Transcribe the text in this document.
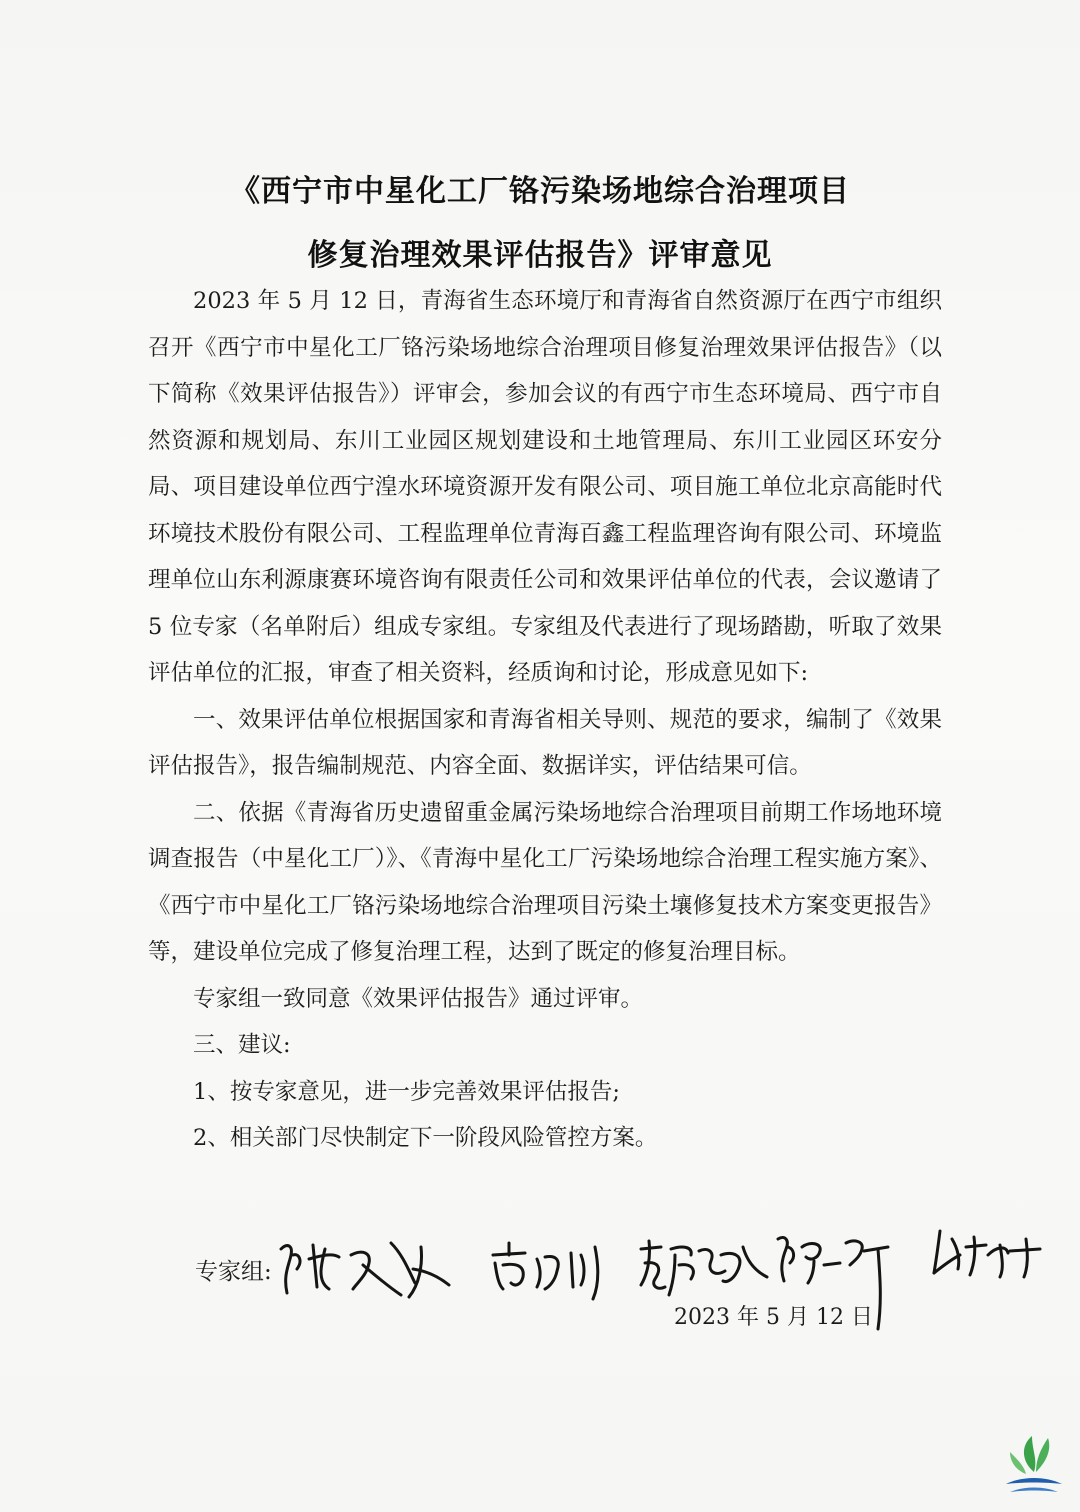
《西宁市中星化工厂铬污染场地综合治理项目
修复治理效果评估报告》评审意见

2023 年 5 月 12 日，青海省生态环境厅和青海省自然资源厅在西宁市组织召开《西宁市中星化工厂铬污染场地综合治理项目修复治理效果评估报告》（以下简称《效果评估报告》）评审会，参加会议的有西宁市生态环境局、西宁市自然资源和规划局、东川工业园区规划建设和土地管理局、东川工业园区环安分局、项目建设单位西宁湟水环境资源开发有限公司、项目施工单位北京高能时代环境技术股份有限公司、工程监理单位青海百鑫工程监理咨询有限公司、环境监理单位山东利源康赛环境咨询有限责任公司和效果评估单位的代表，会议邀请了 5 位专家（名单附后）组成专家组。专家组及代表进行了现场踏勘，听取了效果评估单位的汇报，审查了相关资料，经质询和讨论，形成意见如下:

一、效果评估单位根据国家和青海省相关导则、规范的要求，编制了《效果评估报告》，报告编制规范、内容全面、数据详实，评估结果可信。

二、依据《青海省历史遗留重金属污染场地综合治理项目前期工作场地环境调查报告（中星化工厂）》、《青海中星化工厂污染场地综合治理工程实施方案》、《西宁市中星化工厂铬污染场地综合治理项目污染土壤修复技术方案变更报告》等，建设单位完成了修复治理工程，达到了既定的修复治理目标。

专家组一致同意《效果评估报告》通过评审。

三、建议:

1、按专家意见，进一步完善效果评估报告;

2、相关部门尽快制定下一阶段风险管控方案。

专家组:
2023 年 5 月 12 日
